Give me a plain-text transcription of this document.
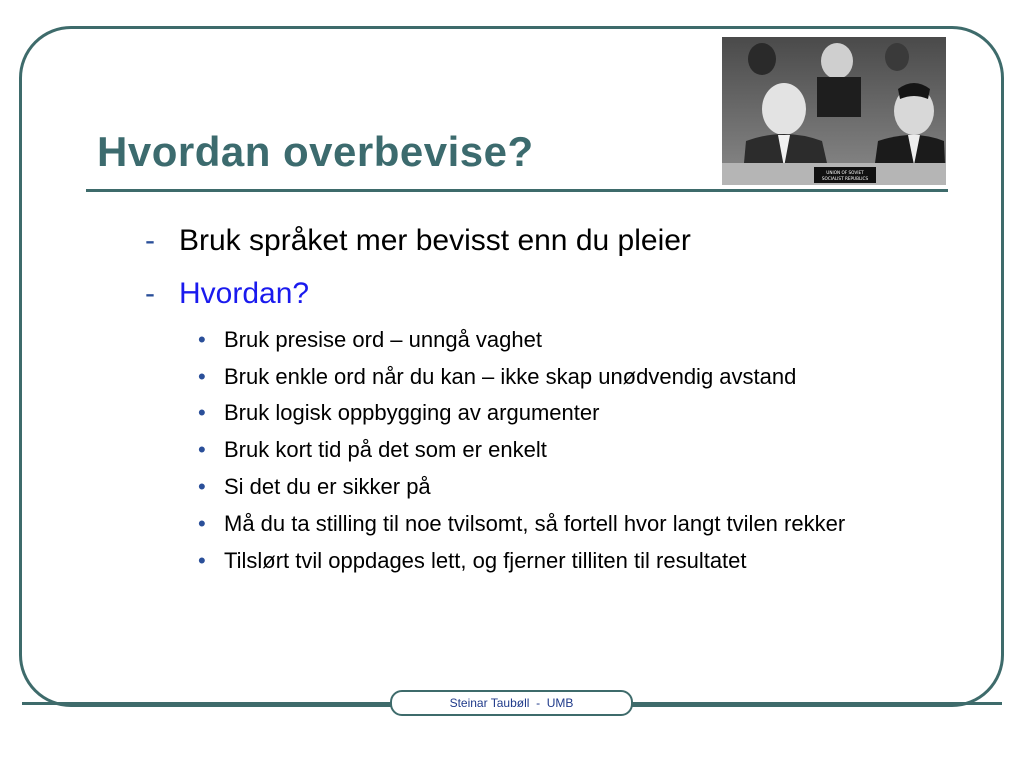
Hvordan overbevise?	UNION OF SOVIET
SOCIALIST REPUBLICS
- Bruk språket mer bevisst enn du pleier
- Hvordan?
• Bruk presise ord – unngå vaghet
• Bruk enkle ord når du kan – ikke skap unødvendig avstand
• Bruk logisk oppbygging av argumenter
• Bruk kort tid på det som er enkelt
• Si det du er sikker på
• Må du ta stilling til noe tvilsomt, så fortell hvor langt tvilen rekker
• Tilslørt tvil oppdages lett, og fjerner tilliten til resultatet
Steinar Taubøll  -  UMB
